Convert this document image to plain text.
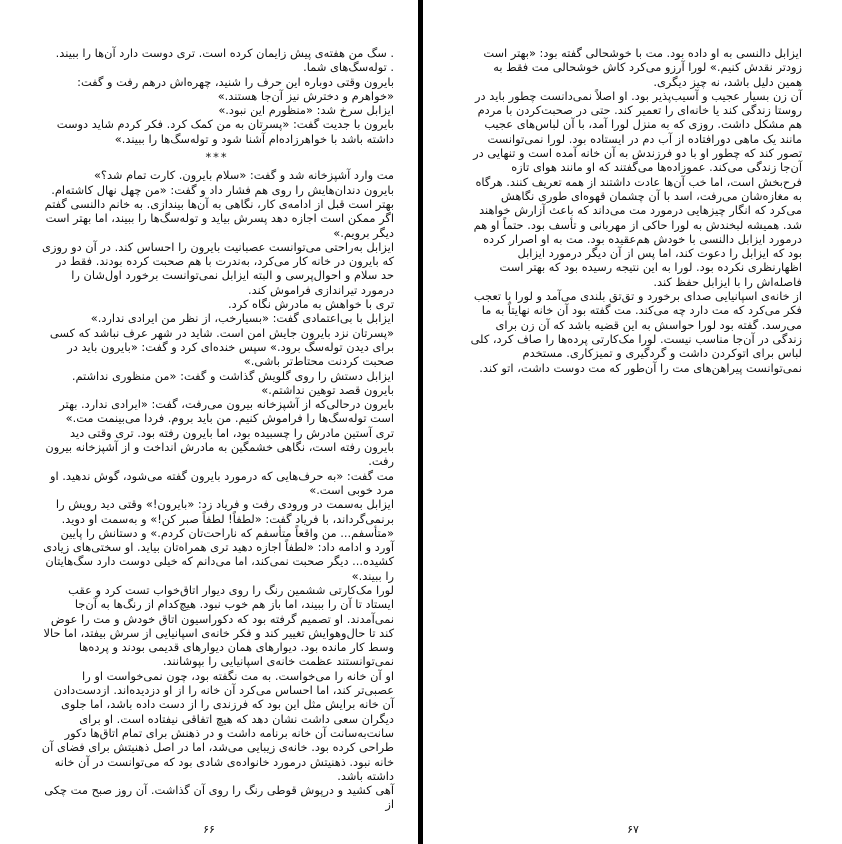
. سگ من هفته‌ی پیش زایمان کرده است. تری دوست دارد آن‌ها را ببیند.

. توله‌سگ‌های شما.

بایرون وقتی دوباره این حرف را شنید، چهره‌اش درهم رفت و گفت: «خواهرم و دخترش نیز آن‌جا هستند.»

ایزابل سرخ شد: «منظورم این نبود.»

بایرون با جدیت گفت: «پسرتان به من کمک کرد. فکر کردم شاید دوست داشته باشد با خواهرزاده‌ام آشنا شود و توله‌سگ‌ها را ببیند.»

***

مت وارد آشپزخانه شد و گفت: «سلام بایرون. کارت تمام شد؟»

بایرون دندان‌هایش را روی هم فشار داد و گفت: «من چهل نهال کاشته‌ام. بهتر است قبل از ادامه‌ی کار، نگاهی به آن‌ها بیندازی. به خانم دالنسی گفتم اگر ممکن است اجازه دهد پسرش بیاید و توله‌سگ‌ها را ببیند، اما بهتر است دیگر برویم.»

ایزابل به‌راحتی می‌توانست عصبانیت بایرون را احساس کند. در آن دو روزی که بایرون در خانه کار می‌کرد، به‌ندرت با هم صحبت کرده بودند. فقط در حد سلام و احوال‌پرسی و البته ایزابل نمی‌توانست برخورد اول‌شان را درمورد تیراندازی فراموش کند.

تری با خواهش به مادرش نگاه کرد.

ایزابل با بی‌اعتمادی گفت: «بسیارخب، از نظر من ایرادی ندارد.»

«پسرتان نزد بایرون جایش امن است. شاید در شهر عرف نباشد که کسی برای دیدن توله‌سگ برود.» سپس خنده‌ای کرد و گفت: «بایرون باید در صحبت کردنت محتاط‌تر باشی.»

ایزابل دستش را روی گلویش گذاشت و گفت: «من منظوری نداشتم. بایرون قصد توهین نداشتم.»

بایرون درحالی‌که از آشپزخانه بیرون می‌رفت، گفت: «ایرادی ندارد. بهتر است توله‌سگ‌ها را فراموش کنیم. من باید بروم. فردا می‌بینمت مت.»

تری آستین مادرش را چسبیده بود، اما بایرون رفته بود. تری وقتی دید بایرون رفته است، نگاهی خشمگین به مادرش انداخت و از آشپزخانه بیرون رفت.

مت گفت: «به حرف‌هایی که درمورد بایرون گفته می‌شود، گوش ندهید. او مرد خوبی است.»

ایزابل به‌سمت در ورودی رفت و فریاد زد: «بایرون!» وقتی دید رویش را برنمی‌گرداند، با فریاد گفت: «لطفاً! لطفاً صبر کن!» و به‌سمت او دوید.

«متأسفم... من واقعاً متأسفم که ناراحت‌تان کردم.» و دستانش را پایین آورد و ادامه داد: «لطفاً اجازه دهید تری همراه‌تان بیاید. او سختی‌های زیادی کشیده... دیگر صحبت نمی‌کند، اما می‌دانم که خیلی دوست دارد سگ‌هایتان را ببیند.»

لورا مک‌کارتی ششمین رنگ را روی دیوار اتاق‌خواب تست کرد و عقب ایستاد تا آن را ببیند، اما باز هم خوب نبود. هیچ‌کدام از رنگ‌ها به آن‌جا نمی‌آمدند. او تصمیم گرفته بود که دکوراسیون اتاق خودش و مت را عوض کند تا حال‌وهوایش تغییر کند و فکر خانه‌ی اسپانیایی از سرش بیفتد، اما حالا وسط کار مانده بود. دیوارهای همان دیوارهای قدیمی بودند و پرده‌ها نمی‌توانستند عظمت خانه‌ی اسپانیایی را بپوشانند.

او آن خانه را می‌خواست. به مت نگفته بود، چون نمی‌خواست او را عصبی‌تر کند، اما احساس می‌کرد آن خانه را از او دزدیده‌اند. ازدست‌دادن آن خانه برایش مثل این بود که فرزندی را از دست داده باشد، اما جلوی دیگران سعی داشت نشان دهد که هیچ اتفاقی نیفتاده است. او برای سانت‌به‌سانت آن خانه برنامه داشت و در ذهنش برای تمام اتاق‌ها دکور طراحی کرده بود. خانه‌ی زیبایی می‌شد، اما در اصل ذهنیتش برای فضای آن خانه نبود. ذهنیتش درمورد خانواده‌ی شادی بود که می‌توانست در آن خانه داشته باشد.

آهی کشید و درپوش قوطی رنگ را روی آن گذاشت. آن روز صبح مت چکی از

۶۶

ایزابل دالنسی به او داده بود. مت با خوشحالی گفته بود: «بهتر است زودتر نقدش کنیم.» لورا آرزو می‌کرد کاش خوشحالی مت فقط به همین دلیل باشد، نه چیز دیگری.

آن زن بسیار عجیب و آسیب‌پذیر بود. او اصلاً نمی‌دانست چطور باید در روستا زندگی کند یا خانه‌ای را تعمیر کند. حتی در صحبت‌کردن با مردم هم مشکل داشت. روزی که به منزل لورا آمد، با آن لباس‌های عجیب مانند یک ماهی دورافتاده از آب دم در ایستاده بود. لورا نمی‌توانست تصور کند که چطور او با دو فرزندش به آن خانه آمده است و تنهایی در آن‌جا زندگی می‌کند. عموزاده‌ها می‌گفتند که او مانند هوای تازه فرح‌بخش است، اما خب آن‌ها عادت داشتند از همه تعریف کنند. هرگاه به مغازه‌شان می‌رفت، اسد با آن چشمان قهوه‌ای طوری نگاهش می‌کرد که انگار چیزهایی درمورد مت می‌داند که باعث آزارش خواهند شد. همیشه لبخندش به لورا حاکی از مهربانی و تأسف بود. حتماً او هم درمورد ایزابل دالنسی با خودش هم‌عقیده بود. مت به او اصرار کرده بود که ایزابل را دعوت کند، اما پس از آن دیگر درمورد ایزابل اظهارنظری نکرده بود. لورا به این نتیجه رسیده بود که بهتر است فاصله‌اش را با ایزابل حفظ کند.

از خانه‌ی اسپانیایی صدای برخورد و تق‌تق بلندی می‌آمد و لورا با تعجب فکر می‌کرد که مت دارد چه می‌کند. مت گفته بود آن خانه نهایتاً به ما می‌رسد. گفته بود لورا حواسش به این قضیه باشد که آن زن برای زندگی در آن‌جا مناسب نیست. لورا مک‌کارتی پرده‌ها را صاف کرد، کلی لباس برای اتوکردن داشت و گردگیری و تمیزکاری. مستخدم نمی‌توانست پیراهن‌های مت را آن‌طور که مت دوست داشت، اتو کند.

۶۷
